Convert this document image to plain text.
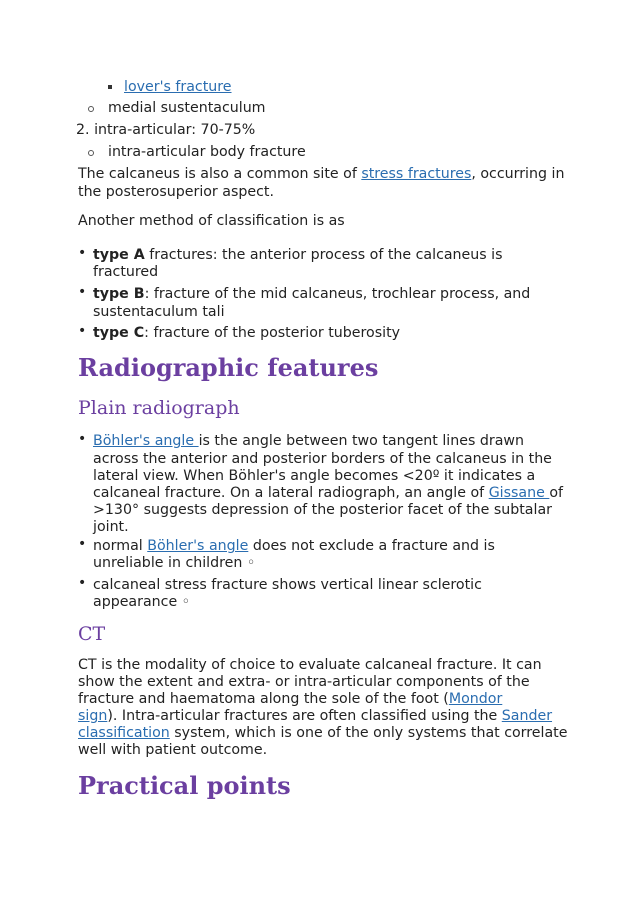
lover's fracture
medial sustentaculum
2. intra-articular: 70-75%
intra-articular body fracture
The calcaneus is also a common site of stress fractures, occurring in
the posterosuperior aspect.
Another method of classification is as
• type A fractures: the anterior process of the calcaneus is
fractured
• type B: fracture of the mid calcaneus, trochlear process, and
sustentaculum tali
• type C: fracture of the posterior tuberosity
Radiographic features
Plain radiograph
• Böhler's angle is the angle between two tangent lines drawn
across the anterior and posterior borders of the calcaneus in the
lateral view. When Böhler's angle becomes <20º it indicates a
calcaneal fracture. On a lateral radiograph, an angle of Gissane of
>130° suggests depression of the posterior facet of the subtalar
joint.
• normal Böhler's angle does not exclude a fracture and is
unreliable in children ◦
• calcaneal stress fracture shows vertical linear sclerotic
appearance ◦
CT
CT is the modality of choice to evaluate calcaneal fracture. It can
show the extent and extra- or intra-articular components of the
fracture and haematoma along the sole of the foot (Mondor
sign). Intra-articular fractures are often classified using the Sander
classification system, which is one of the only systems that correlate
well with patient outcome.
Practical points
